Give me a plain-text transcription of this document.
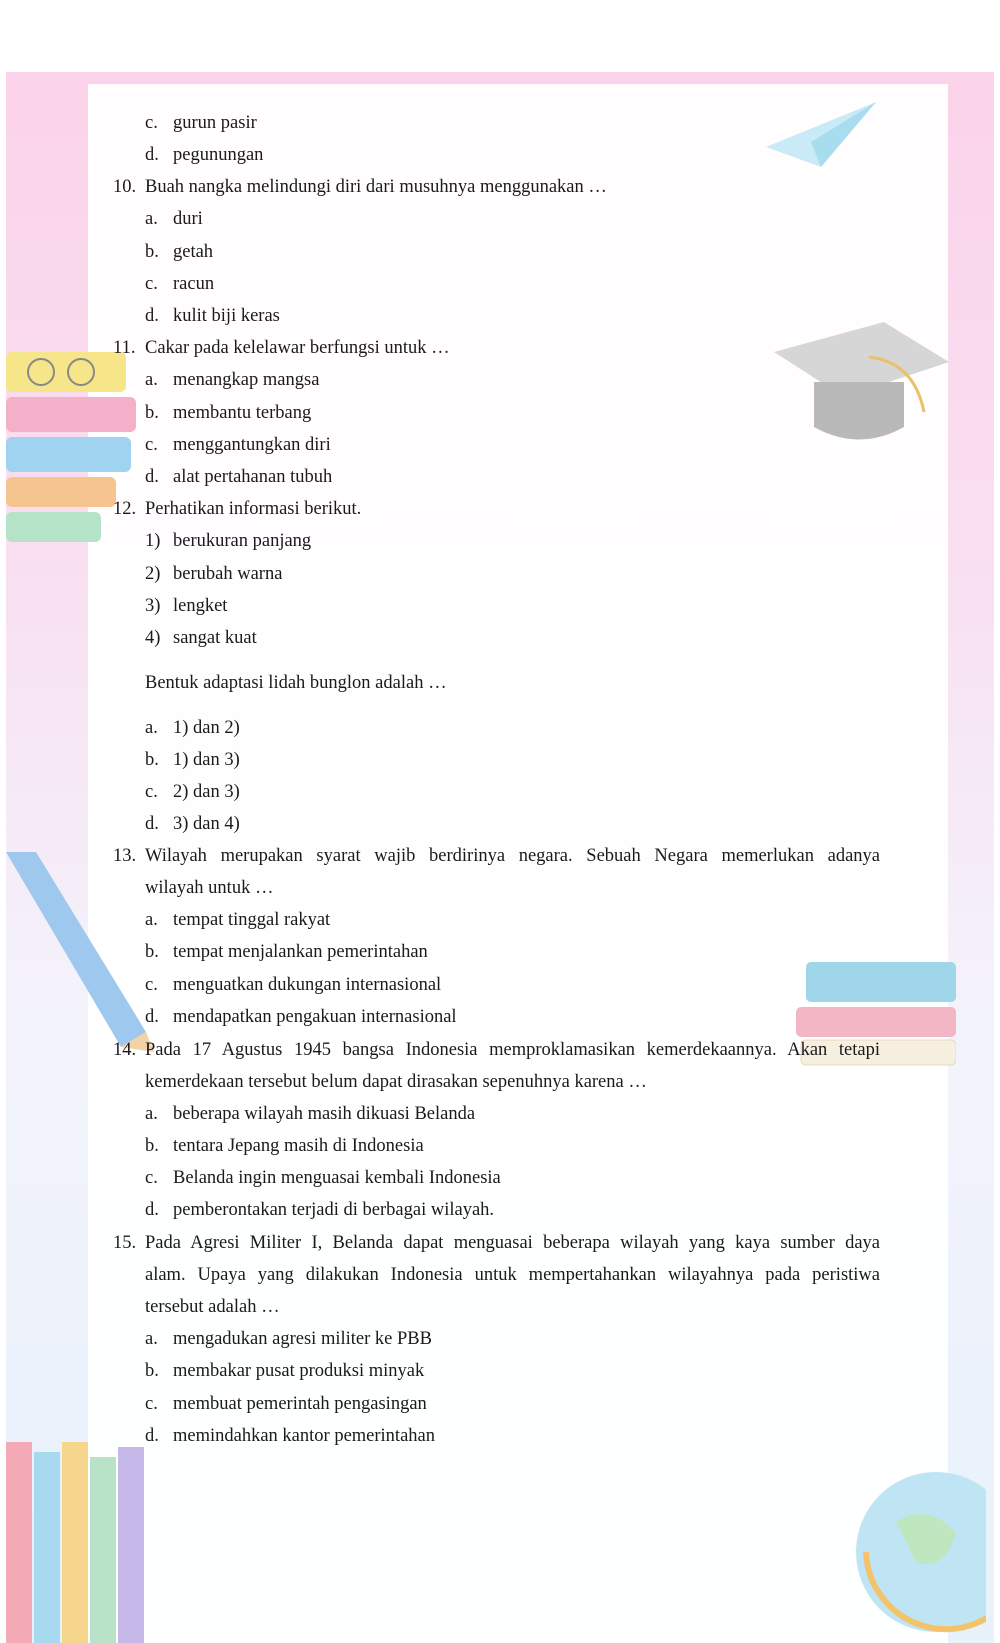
c. gurun pasir
d. pegunungan
10. Buah nangka melindungi diri dari musuhnya menggunakan …
a. duri
b. getah
c. racun
d. kulit biji keras
11. Cakar pada kelelawar berfungsi untuk …
a. menangkap mangsa
b. membantu terbang
c. menggantungkan diri
d. alat pertahanan tubuh
12. Perhatikan informasi berikut.
1) berukuran panjang
2) berubah warna
3) lengket
4) sangat kuat
Bentuk adaptasi lidah bunglon adalah …
a. 1) dan 2)
b. 1) dan 3)
c. 2) dan 3)
d. 3) dan 4)
13. Wilayah merupakan syarat wajib berdirinya negara. Sebuah Negara memerlukan adanya
wilayah untuk …
a. tempat tinggal rakyat
b. tempat menjalankan pemerintahan
c. menguatkan dukungan internasional
d. mendapatkan pengakuan internasional
14. Pada 17 Agustus 1945 bangsa Indonesia memproklamasikan kemerdekaannya. Akan tetapi
kemerdekaan tersebut belum dapat dirasakan sepenuhnya karena …
a. beberapa wilayah masih dikuasi Belanda
b. tentara Jepang masih di Indonesia
c. Belanda ingin menguasai kembali Indonesia
d. pemberontakan terjadi di berbagai wilayah.
15. Pada Agresi Militer I, Belanda dapat menguasai beberapa wilayah yang kaya sumber daya
alam. Upaya yang dilakukan Indonesia untuk mempertahankan wilayahnya pada peristiwa
tersebut adalah …
a. mengadukan agresi militer ke PBB
b. membakar pusat produksi minyak
c. membuat pemerintah pengasingan
d. memindahkan kantor pemerintahan
